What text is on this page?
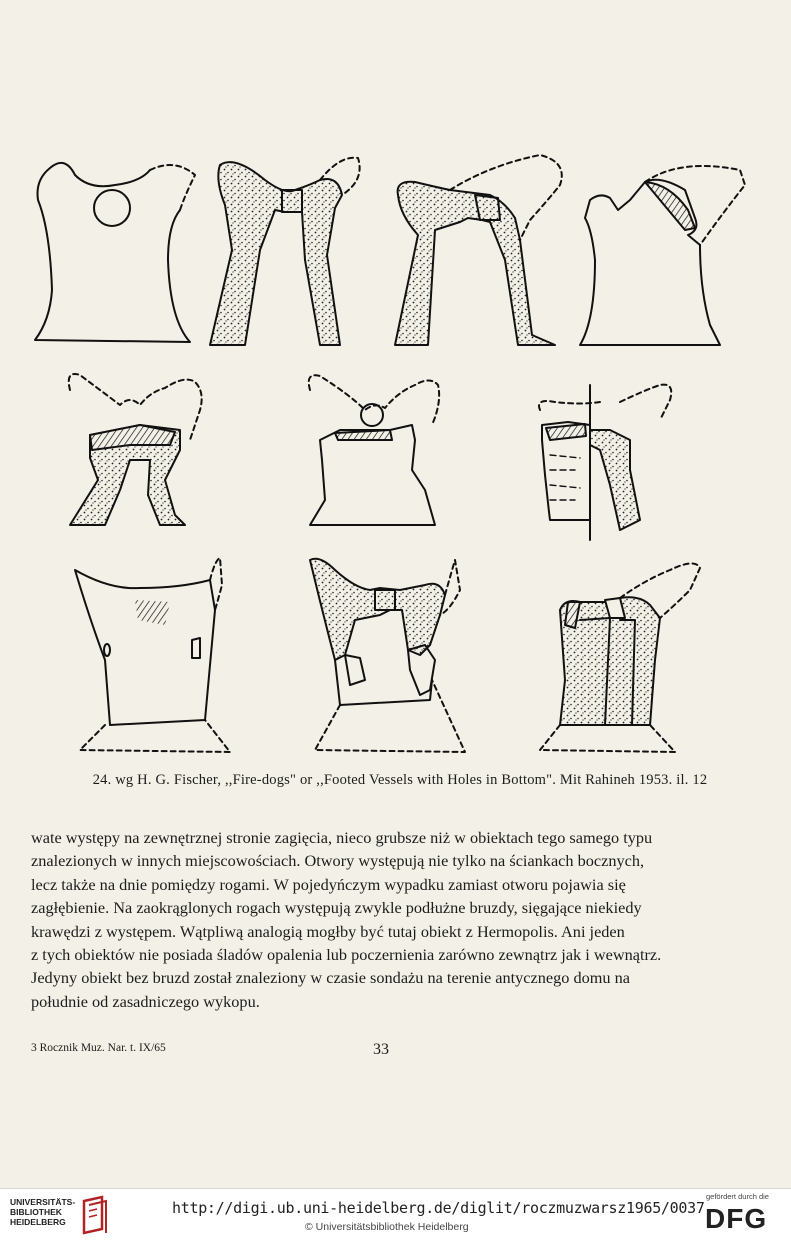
24. wg H. G. Fischer, ,,Fire-dogs" or ,,Footed Vessels with Holes in Bottom". Mit Rahineh 1953. il. 12

wate występy na zewnętrznej stronie zagięcia, nieco grubsze niż w obiektach tego samego typu

znalezionych w innych miejscowościach. Otwory występują nie tylko na ściankach bocznych,

lecz także na dnie pomiędzy rogami. W pojedyńczym wypadku zamiast otworu pojawia się

zagłębienie. Na zaokrąglonych rogach występują zwykle podłużne bruzdy, sięgające niekiedy

krawędzi z występem. Wątpliwą analogią mogłby być tutaj obiekt z Hermopolis. Ani jeden

z tych obiektów nie posiada śladów opalenia lub poczernienia zarówno zewnątrz jak i wewnątrz.

Jedyny obiekt bez bruzd został znaleziony w czasie sondażu na terenie antycznego domu na

południe od zasadniczego wykopu.

3 Rocznik Muz. Nar. t. IX/65	33
UNIVERSITÄTS-
BIBLIOTHEK
HEIDELBERG
http://digi.ub.uni-heidelberg.de/diglit/roczmuzwarsz1965/0037
© Universitätsbibliothek Heidelberg
gefördert durch die
DFG
